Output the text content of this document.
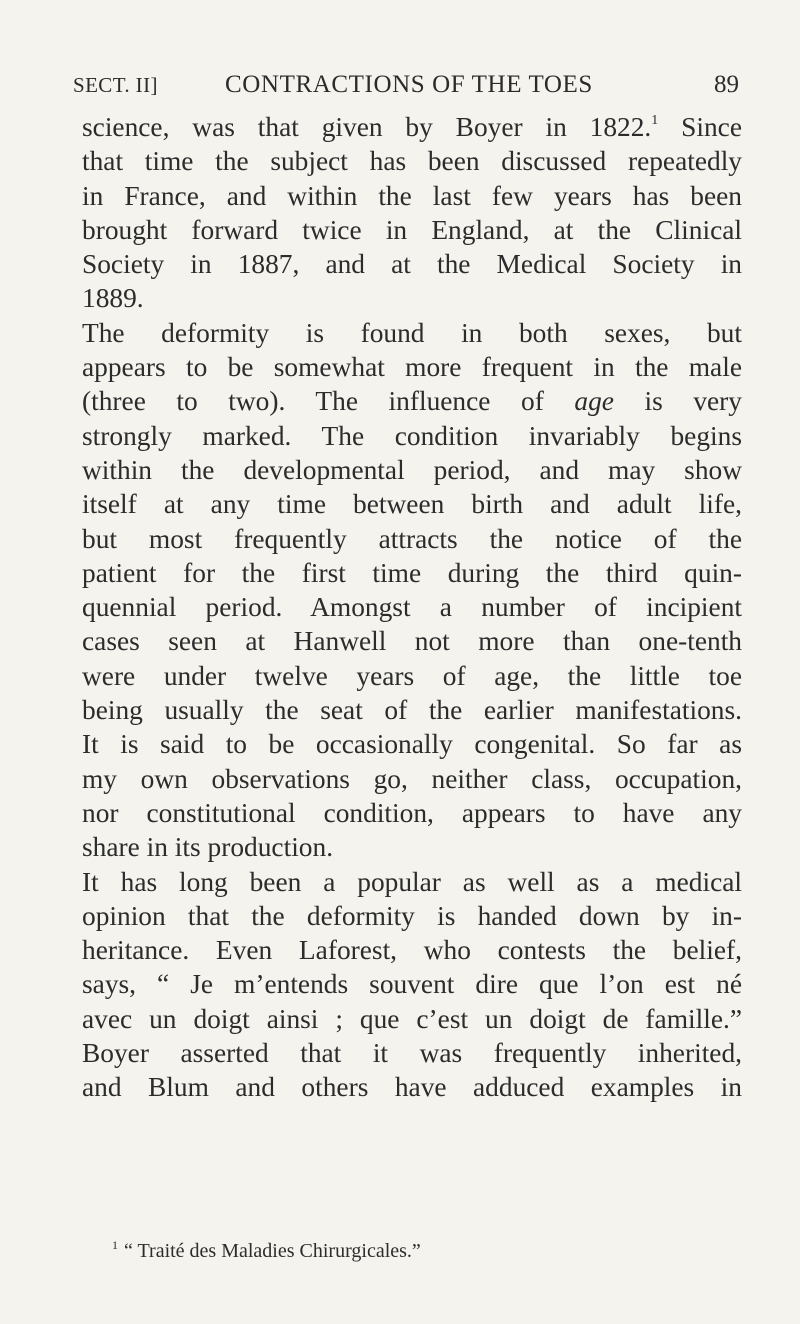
SECT. II]	CONTRACTIONS OF THE TOES	89
science, was that given by Boyer in 1822.$^1$ Since
that time the subject has been discussed repeatedly
in France, and within the last few years has been
brought forward twice in England, at the Clinical
Society in 1887, and at the Medical Society in
1889.
The deformity is found in both sexes, but
appears to be somewhat more frequent in the male
(three to two). The influence of age is very
strongly marked. The condition invariably begins
within the developmental period, and may show
itself at any time between birth and adult life,
but most frequently attracts the notice of the
patient for the first time during the third quin-
quennial period. Amongst a number of incipient
cases seen at Hanwell not more than one-tenth
were under twelve years of age, the little toe
being usually the seat of the earlier manifestations.
It is said to be occasionally congenital. So far as
my own observations go, neither class, occupation,
nor constitutional condition, appears to have any
share in its production.
It has long been a popular as well as a medical
opinion that the deformity is handed down by in-
heritance. Even Laforest, who contests the belief,
says, “ Je m’entends souvent dire que l’on est né
avec un doigt ainsi ; que c’est un doigt de famille.”
Boyer asserted that it was frequently inherited,
and Blum and others have adduced examples in
$^1$ “ Traité des Maladies Chirurgicales.”
